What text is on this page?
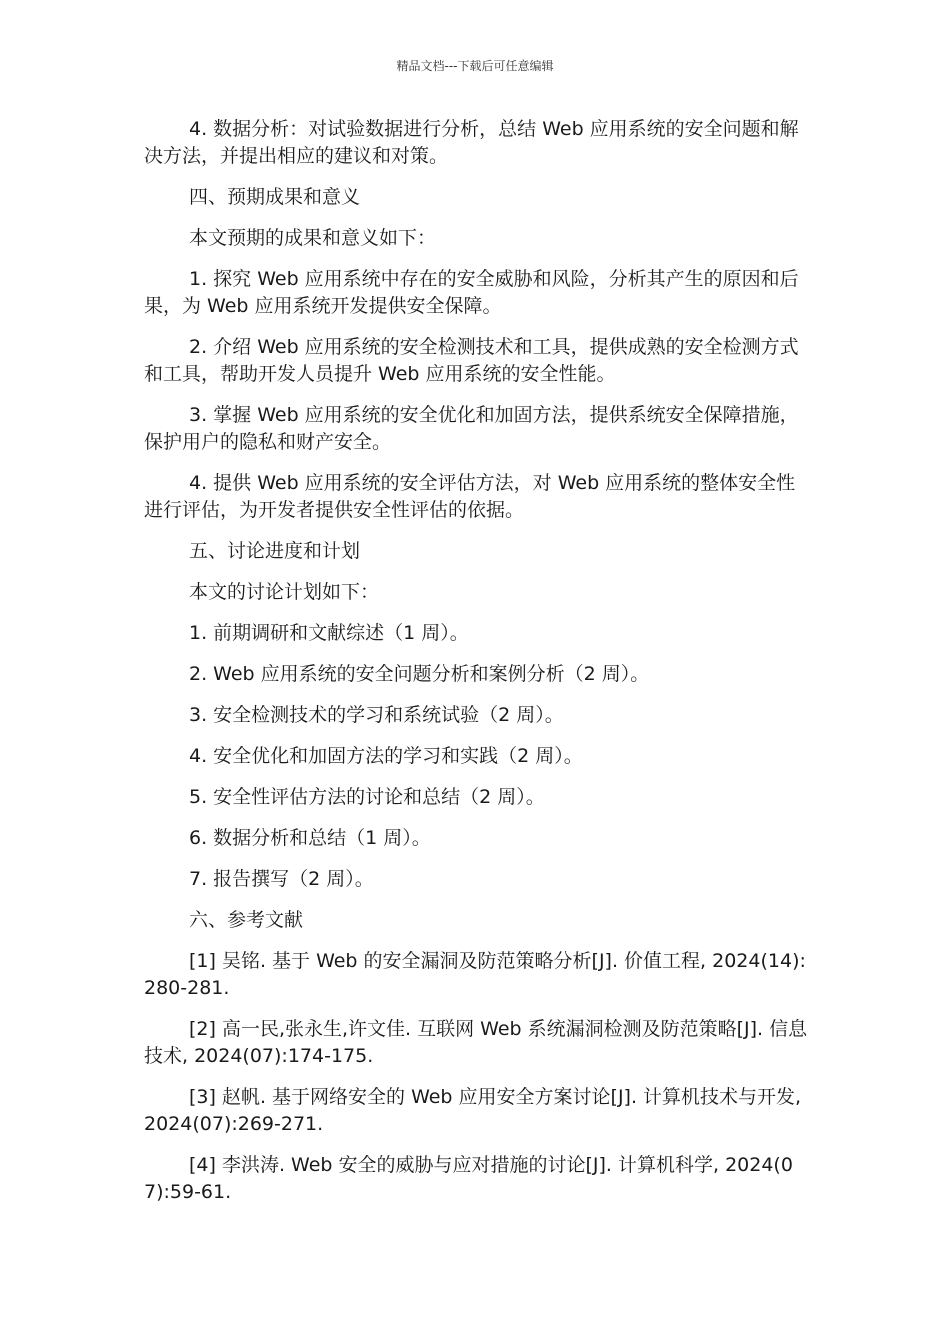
精品文档---下载后可任意编辑

4. 数据分析：对试验数据进行分析，总结 Web 应用系统的安全问题和解决方法，并提出相应的建议和对策。

四、预期成果和意义

本文预期的成果和意义如下：

1. 探究 Web 应用系统中存在的安全威胁和风险，分析其产生的原因和后果，为 Web 应用系统开发提供安全保障。

2. 介绍 Web 应用系统的安全检测技术和工具，提供成熟的安全检测方式和工具，帮助开发人员提升 Web 应用系统的安全性能。

3. 掌握 Web 应用系统的安全优化和加固方法，提供系统安全保障措施，保护用户的隐私和财产安全。

4. 提供 Web 应用系统的安全评估方法，对 Web 应用系统的整体安全性进行评估，为开发者提供安全性评估的依据。

五、讨论进度和计划

本文的讨论计划如下：

1. 前期调研和文献综述（1 周）。

2. Web 应用系统的安全问题分析和案例分析（2 周）。

3. 安全检测技术的学习和系统试验（2 周）。

4. 安全优化和加固方法的学习和实践（2 周）。

5. 安全性评估方法的讨论和总结（2 周）。

6. 数据分析和总结（1 周）。

7. 报告撰写（2 周）。

六、参考文献

[1] 吴铭. 基于 Web 的安全漏洞及防范策略分析[J]. 价值工程, 2024(14):280-281.

[2] 高一民,张永生,许文佳. 互联网 Web 系统漏洞检测及防范策略[J]. 信息技术, 2024(07):174-175.

[3] 赵帆. 基于网络安全的 Web 应用安全方案讨论[J]. 计算机技术与开发, 2024(07):269-271.

[4] 李洪涛. Web 安全的威胁与应对措施的讨论[J]. 计算机科学, 2024(07):59-61.
